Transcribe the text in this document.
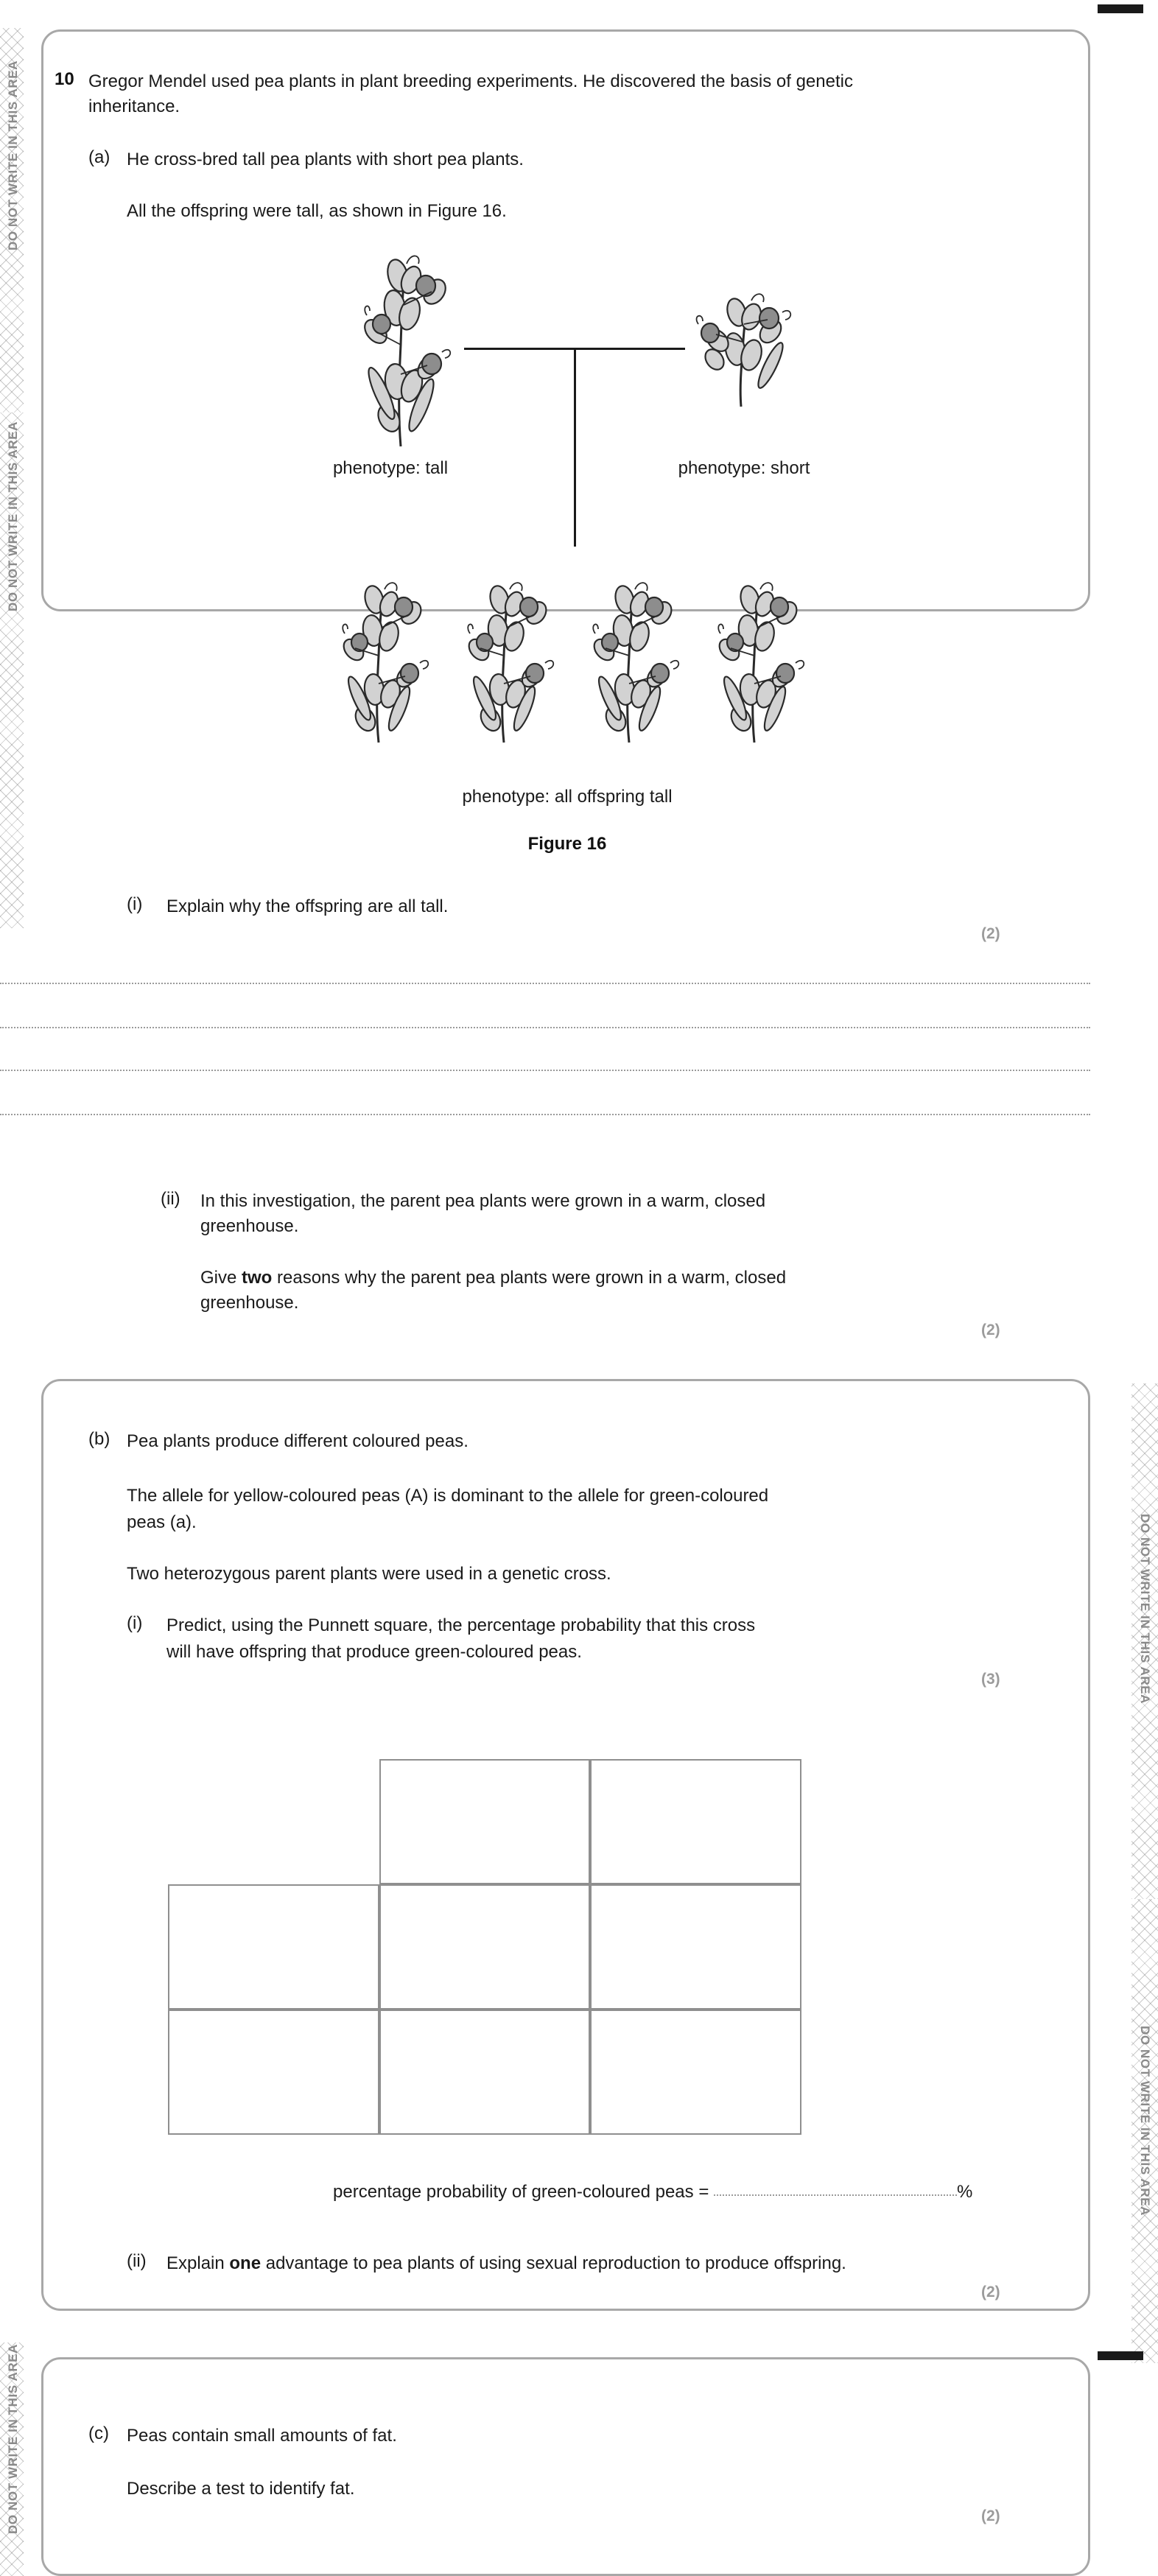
DO NOT WRITE IN THIS AREA
DO NOT WRITE IN THIS AREA
DO NOT WRITE IN THIS AREA
DO NOT WRITE IN THIS AREA
DO NOT WRITE IN THIS AREA
10 Gregor Mendel used pea plants in plant breeding experiments. He discovered the basis of genetic inheritance.
(a) He cross-bred tall pea plants with short pea plants.
All the offspring were tall, as shown in Figure 16.
phenotype: tall	phenotype: short
phenotype: all offspring tall
Figure 16
(i) Explain why the offspring are all tall.
(2)
(ii) In this investigation, the parent pea plants were grown in a warm, closed
greenhouse.
Give two reasons why the parent pea plants were grown in a warm, closed
greenhouse.
(2)
(b) Pea plants produce different coloured peas.
The allele for yellow-coloured peas (A) is dominant to the allele for green-coloured
peas (a).
Two heterozygous parent plants were used in a genetic cross.
(i) Predict, using the Punnett square, the percentage probability that this cross
will have offspring that produce green-coloured peas.
(3)
percentage probability of green-coloured peas =	%
(ii) Explain one advantage to pea plants of using sexual reproduction to produce offspring.
(2)
(c) Peas contain small amounts of fat.
Describe a test to identify fat.
(2)
